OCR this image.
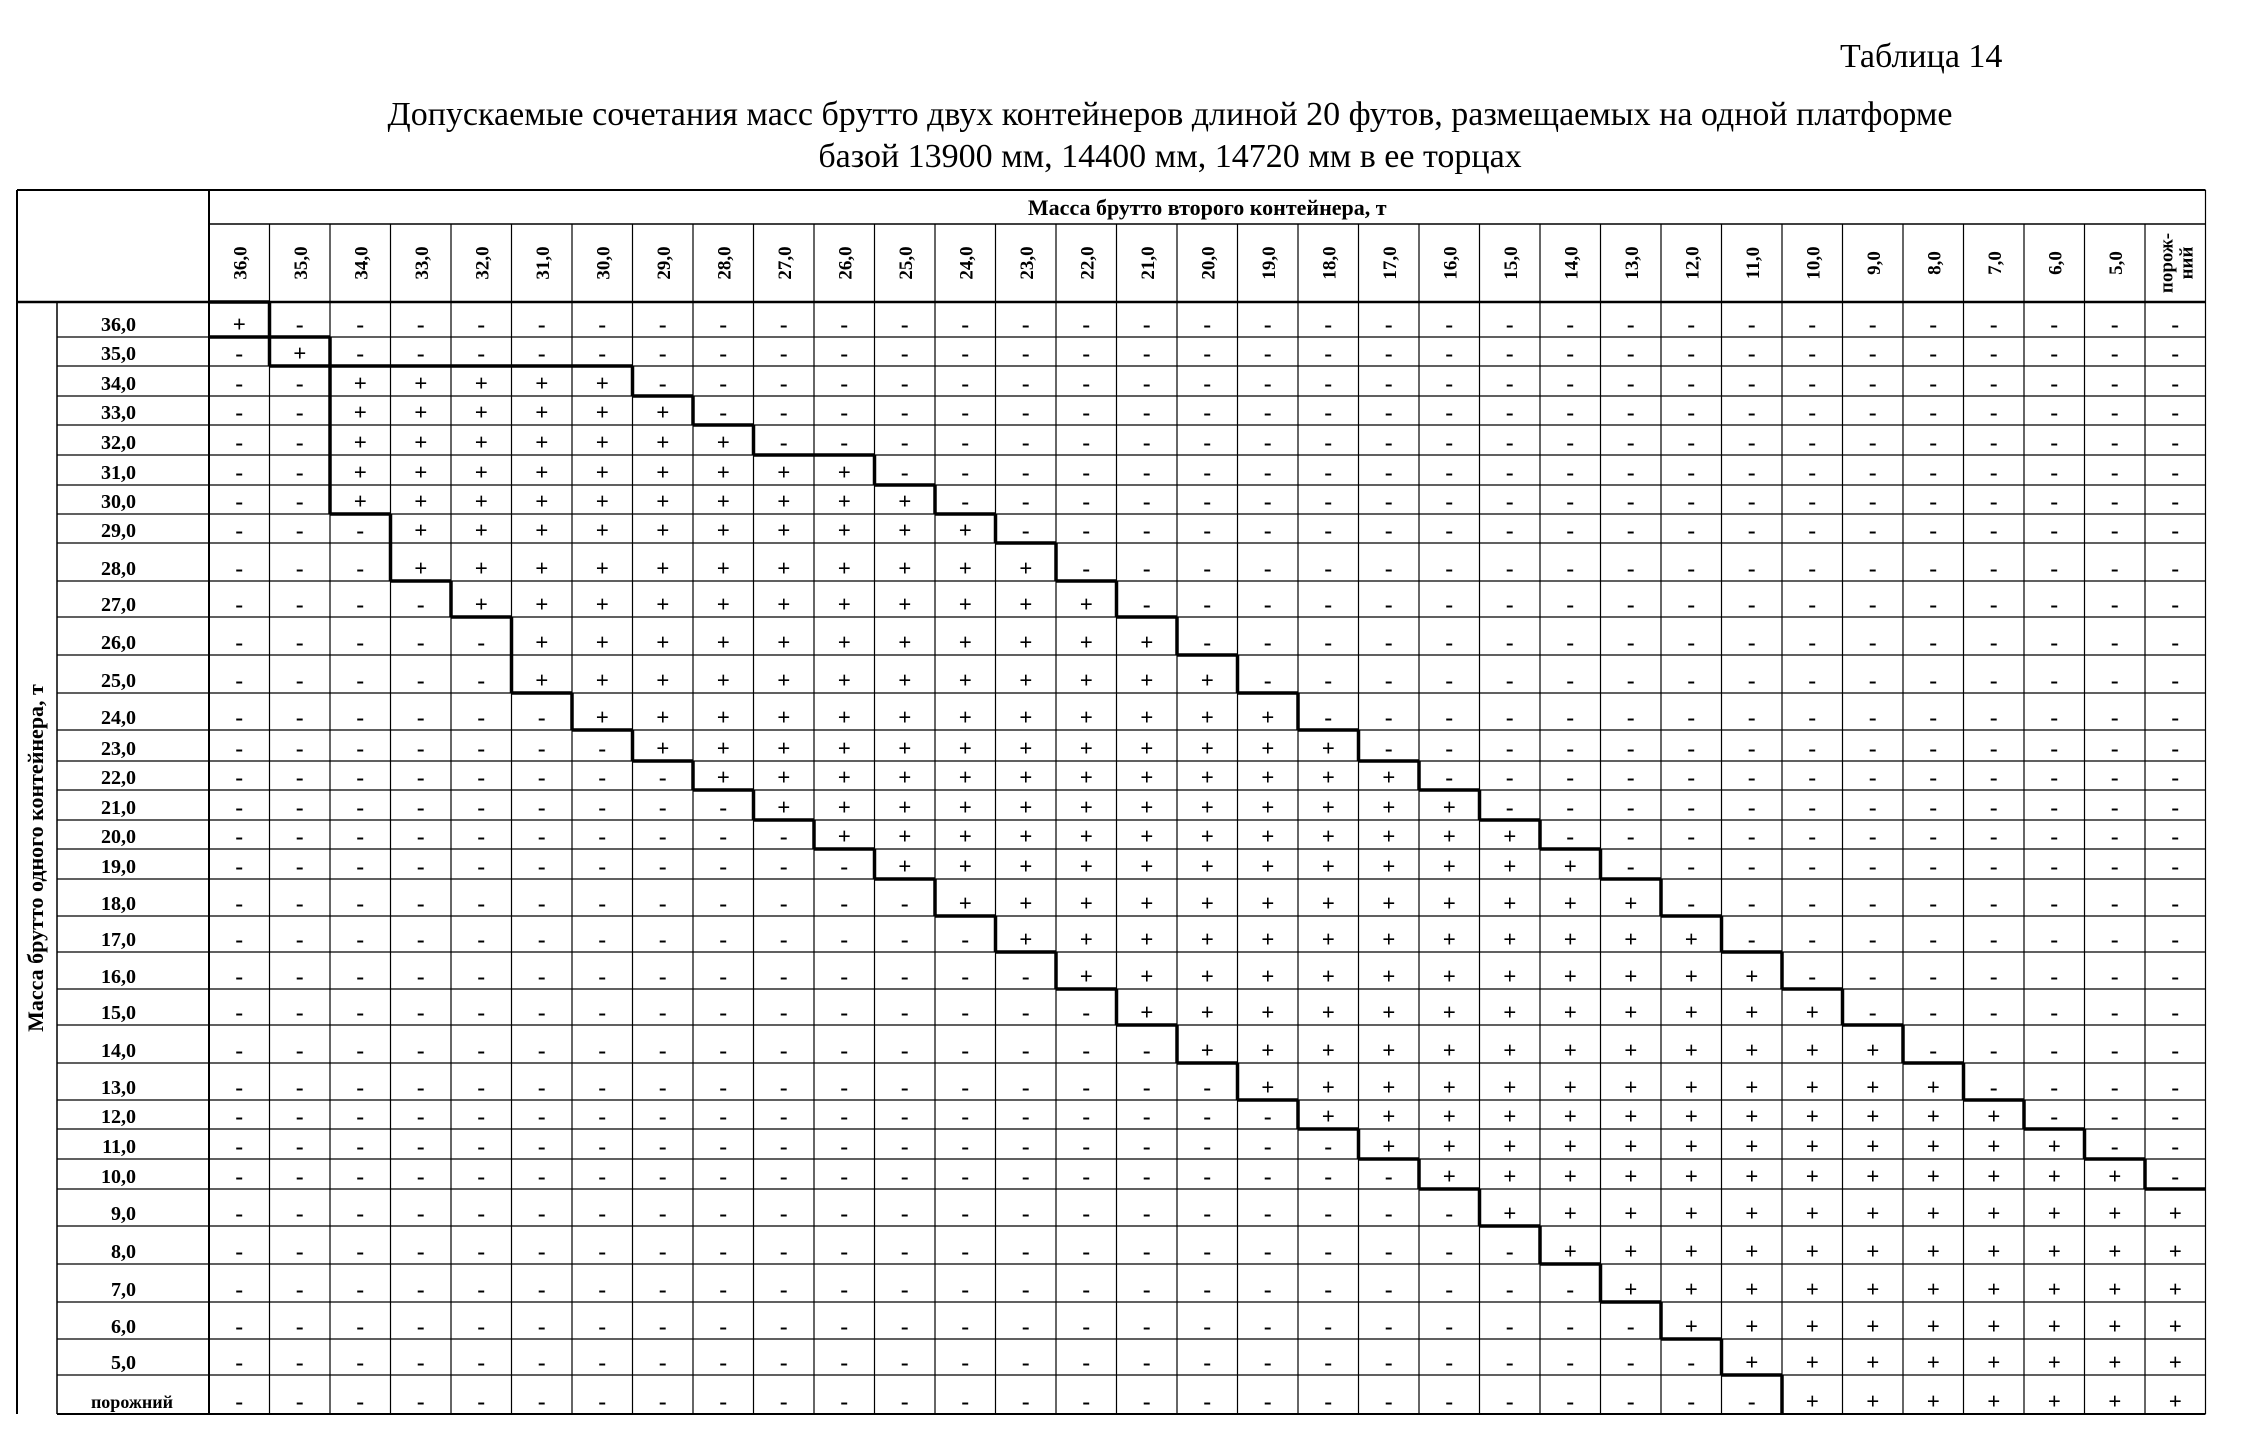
Таблица 14
Допускаемые сочетания масс брутто двух контейнеров длиной 20 футов, размещаемых на одной платформе
базой 13900 мм, 14400 мм, 14720 мм в ее торцах
Масса брутто второго контейнера, т
Масса брутто одного контейнера, т
36,0 35,0 34,0 33,0 32,0 31,0 30,0 29,0 28,0 27,0 26,0 25,0 24,0 23,0 22,0 21,0 20,0 19,0 18,0 17,0 16,0 15,0 14,0 13,0 12,0 11,0 10,0 9,0 8,0 7,0 6,0 5,0 порож- ний
36,0
35,0
34,0
33,0
32,0
31,0
30,0
29,0
28,0
27,0
26,0
25,0
24,0
23,0
22,0
21,0
20,0
19,0
18,0
17,0
16,0
15,0
14,0
13,0
12,0
11,0
10,0
9,0
8,0
7,0
6,0
5,0
порожний
+ - - - - - - - - - - - - - - - - - - - - - - - - - - - - - - - -
- + - - - - - - - - - - - - - - - - - - - - - - - - - - - - - - -
- - + + + + + - - - - - - - - - - - - - - - - - - - - - - - - - -
- - + + + + + + - - - - - - - - - - - - - - - - - - - - - - - - -
- - + + + + + + + - - - - - - - - - - - - - - - - - - - - - - - -
- - + + + + + + + + + - - - - - - - - - - - - - - - - - - - - - -
- - + + + + + + + + + + - - - - - - - - - - - - - - - - - - - - -
- - - + + + + + + + + + + - - - - - - - - - - - - - - - - - - - -
- - - + + + + + + + + + + + - - - - - - - - - - - - - - - - - - -
- - - - + + + + + + + + + + + - - - - - - - - - - - - - - - - - -
- - - - - + + + + + + + + + + + - - - - - - - - - - - - - - - - -
- - - - - + + + + + + + + + + + + - - - - - - - - - - - - - - - -
- - - - - - + + + + + + + + + + + + - - - - - - - - - - - - - - -
- - - - - - - + + + + + + + + + + + + - - - - - - - - - - - - - -
- - - - - - - - + + + + + + + + + + + + - - - - - - - - - - - - -
- - - - - - - - - + + + + + + + + + + + + - - - - - - - - - - - -
- - - - - - - - - - + + + + + + + + + + + + - - - - - - - - - - -
- - - - - - - - - - - + + + + + + + + + + + + - - - - - - - - - -
- - - - - - - - - - - - + + + + + + + + + + + + - - - - - - - - -
- - - - - - - - - - - - - + + + + + + + + + + + + - - - - - - - -
- - - - - - - - - - - - - - + + + + + + + + + + + + - - - - - - -
- - - - - - - - - - - - - - - + + + + + + + + + + + + - - - - - -
- - - - - - - - - - - - - - - - + + + + + + + + + + + + - - - - -
- - - - - - - - - - - - - - - - - + + + + + + + + + + + + - - - -
- - - - - - - - - - - - - - - - - - + + + + + + + + + + + + - - -
- - - - - - - - - - - - - - - - - - - + + + + + + + + + + + + - -
- - - - - - - - - - - - - - - - - - - - + + + + + + + + + + + + -
- - - - - - - - - - - - - - - - - - - - - + + + + + + + + + + + +
- - - - - - - - - - - - - - - - - - - - - - + + + + + + + + + + +
- - - - - - - - - - - - - - - - - - - - - - - + + + + + + + + + +
- - - - - - - - - - - - - - - - - - - - - - - - + + + + + + + + +
- - - - - - - - - - - - - - - - - - - - - - - - - + + + + + + + +
- - - - - - - - - - - - - - - - - - - - - - - - - - + + + + + + +
